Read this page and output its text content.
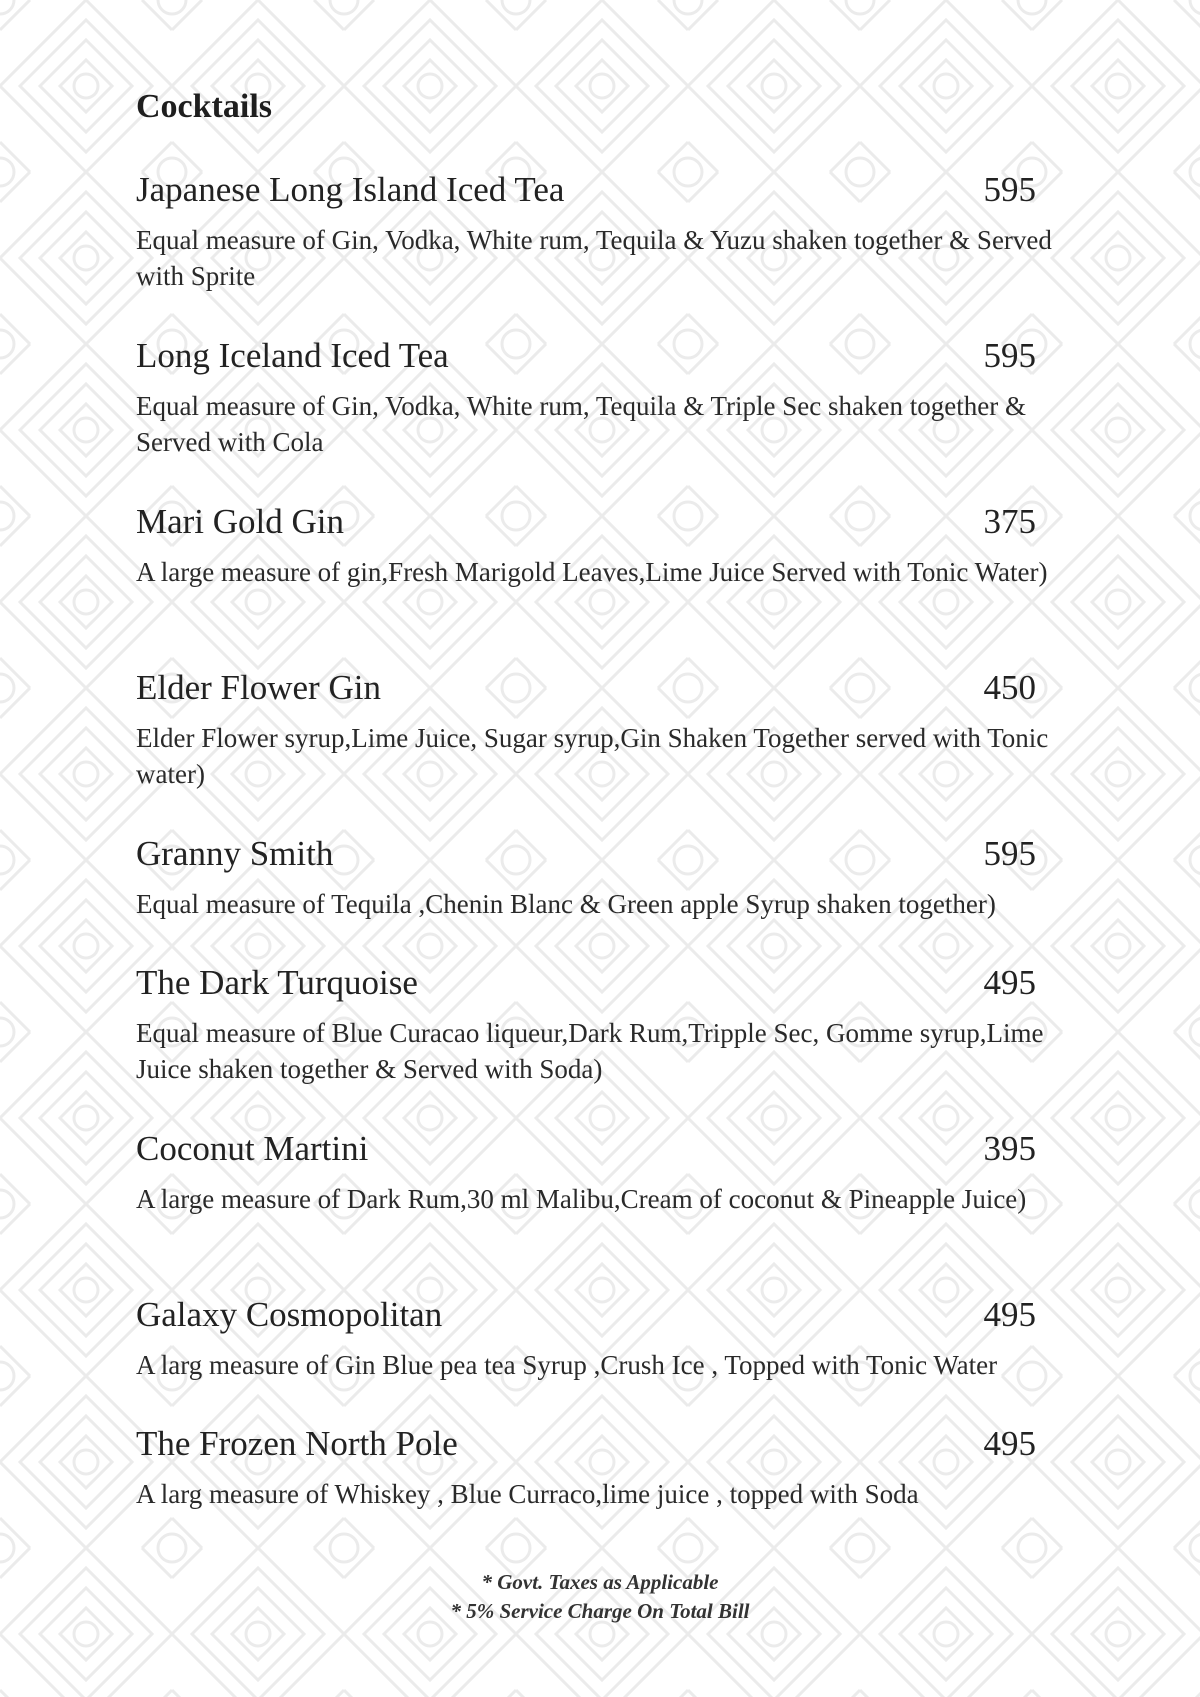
Cocktails
Japanese Long Island Iced Tea	595

Equal measure of Gin, Vodka, White rum, Tequila & Yuzu shaken together & Served with Sprite

Long Iceland Iced Tea	595

Equal measure of Gin, Vodka, White rum, Tequila & Triple Sec shaken together & Served with Cola

Mari Gold Gin	375

A large measure of gin,Fresh Marigold Leaves,Lime Juice Served with Tonic Water)

Elder Flower Gin	450

Elder Flower syrup,Lime Juice, Sugar syrup,Gin Shaken Together served with Tonic water)

Granny Smith	595

Equal measure of Tequila ,Chenin Blanc & Green apple Syrup shaken together)

The Dark Turquoise	495

Equal measure of Blue Curacao liqueur,Dark Rum,Tripple Sec, Gomme syrup,Lime Juice shaken together & Served with Soda)

Coconut Martini	395

A large measure of Dark Rum,30 ml Malibu,Cream of coconut & Pineapple Juice)

Galaxy Cosmopolitan	495

A larg measure of Gin Blue pea tea Syrup ,Crush Ice , Topped with Tonic Water

The Frozen North Pole	495

A larg measure of Whiskey , Blue Curraco,lime juice , topped with Soda

* Govt. Taxes as Applicable
* 5% Service Charge On Total Bill
